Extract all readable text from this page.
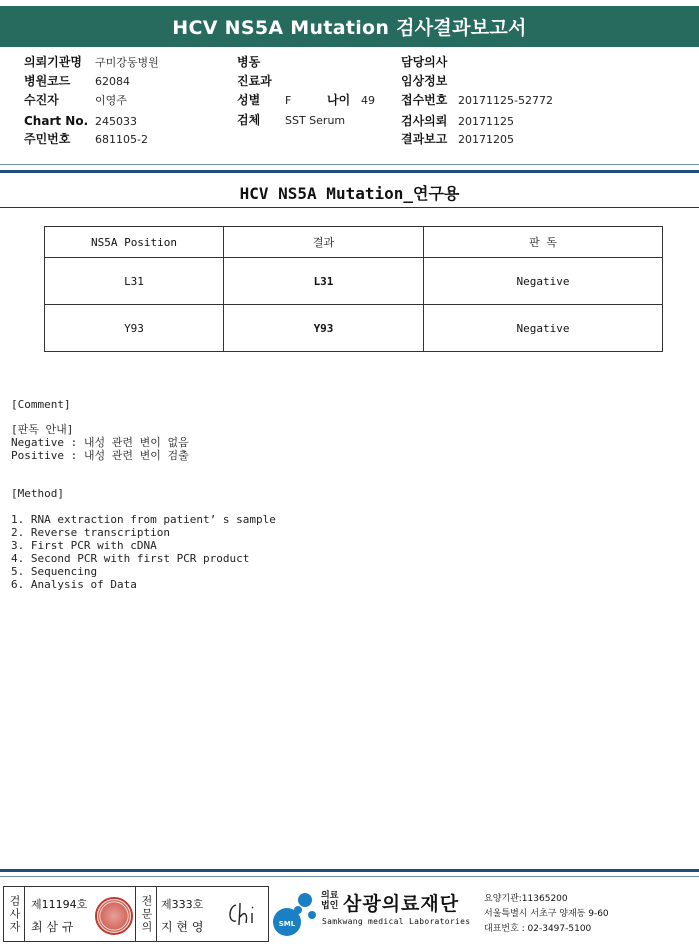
HCV NS5A Mutation 검사결과보고서
의뢰기관명 구미강동병원
병원코드 62084
수진자	이영주
Chart No. 245033
주민번호 681105-2
병동
진료과
성별 F	나이 49
검체 SST Serum
담당의사
임상정보
접수번호 20171125-52772
검사의뢰 20171125
결과보고 20171205
HCV NS5A Mutation_연구용
NS5A Position	결과	판 독
L31	L31	Negative
Y93	Y93	Negative
[Comment]
[판독 안내]
Negative : 내성 관련 변이 없음
Positive : 내성 관련 변이 검출
[Method]
1. RNA extraction from patient’ s sample
2. Reverse transcription
3. First PCR with cDNA
4. Second PCR with first PCR product
5. Sequencing
6. Analysis of Data
검사자 제11194호
최 삼 규	전문의 제333호
지 현 영	SML
의료법인 삼광의료재단
Samkwang medical Laboratories
요양기관:11365200
서울특별시 서초구 양재동 9-60
대표번호 : 02-3497-5100
